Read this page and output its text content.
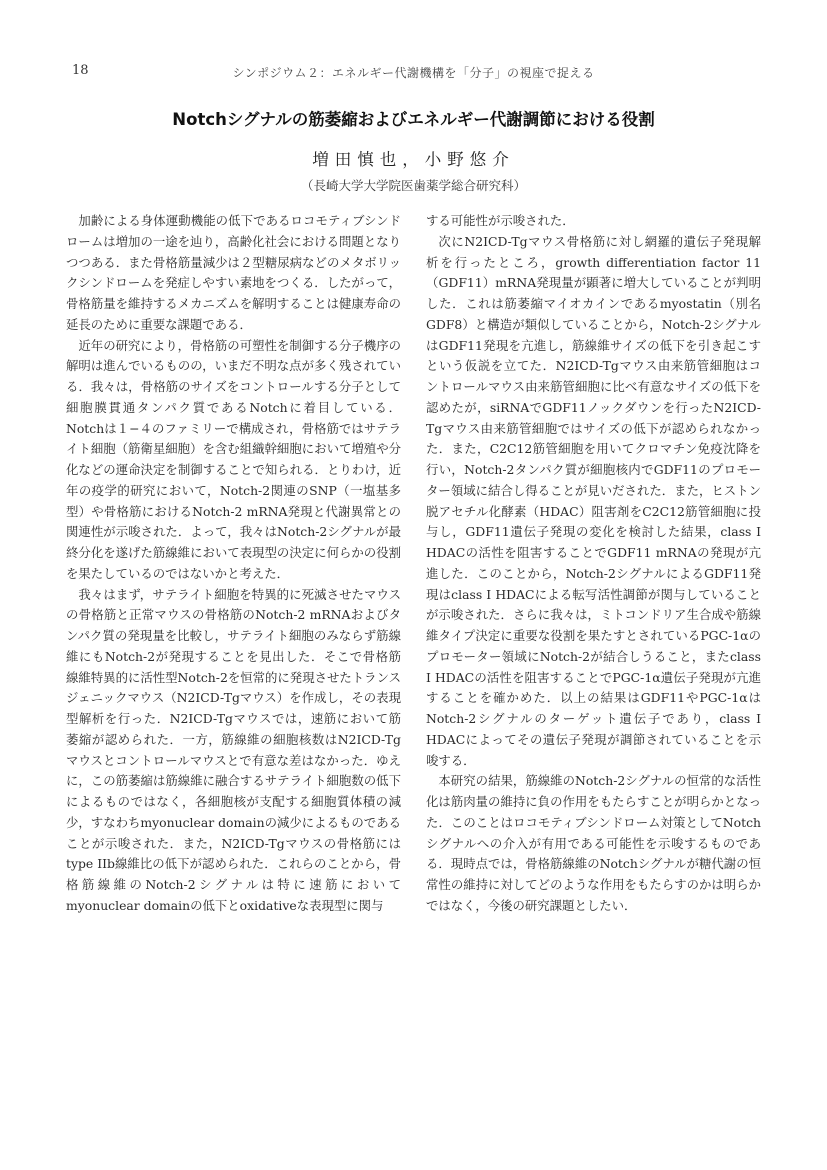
18	シンポジウム２：エネルギー代謝機構を「分子」の視座で捉える
Notchシグナルの筋萎縮およびエネルギー代謝調節における役割
増田慎也，小野悠介
（長崎大学大学院医歯薬学総合研究科）

加齢による身体運動機能の低下であるロコモティブシンドロームは増加の一途を辿り，高齢化社会における問題となりつつある．また骨格筋量減少は２型糖尿病などのメタボリックシンドロームを発症しやすい素地をつくる．したがって，骨格筋量を維持するメカニズムを解明することは健康寿命の延長のために重要な課題である．

近年の研究により，骨格筋の可塑性を制御する分子機序の解明は進んでいるものの，いまだ不明な点が多く残されている．我々は，骨格筋のサイズをコントロールする分子として細胞膜貫通タンパク質であるNotchに着目している．Notchは１−４のファミリーで構成され，骨格筋ではサテライト細胞（筋衛星細胞）を含む組織幹細胞において増殖や分化などの運命決定を制御することで知られる．とりわけ，近年の疫学的研究において，Notch-2関連のSNP（一塩基多型）や骨格筋におけるNotch-2 mRNA発現と代謝異常との関連性が示唆された．よって，我々はNotch-2シグナルが最終分化を遂げた筋線維において表現型の決定に何らかの役割を果たしているのではないかと考えた．

我々はまず，サテライト細胞を特異的に死滅させたマウスの骨格筋と正常マウスの骨格筋のNotch-2 mRNAおよびタンパク質の発現量を比較し，サテライト細胞のみならず筋線維にもNotch-2が発現することを見出した．そこで骨格筋線維特異的に活性型Notch-2を恒常的に発現させたトランスジェニックマウス（N2ICD-Tgマウス）を作成し，その表現型解析を行った．N2ICD-Tgマウスでは，速筋において筋萎縮が認められた．一方，筋線維の細胞核数はN2ICD-Tgマウスとコントロールマウスとで有意な差はなかった．ゆえに，この筋萎縮は筋線維に融合するサテライト細胞数の低下によるものではなく，各細胞核が支配する細胞質体積の減少，すなわちmyonuclear domainの減少によるものであることが示唆された．また，N2ICD-Tgマウスの骨格筋にはtype IIb線維比の低下が認められた．これらのことから，骨格筋線維のNotch-2シグナルは特に速筋においてmyonuclear domainの低下とoxidativeな表現型に関与

する可能性が示唆された．

次にN2ICD-Tgマウス骨格筋に対し網羅的遺伝子発現解析を行ったところ，growth differentiation factor 11（GDF11）mRNA発現量が顕著に増大していることが判明した．これは筋萎縮マイオカインであるmyostatin（別名GDF8）と構造が類似していることから，Notch-2シグナルはGDF11発現を亢進し，筋線維サイズの低下を引き起こすという仮説を立てた．N2ICD-Tgマウス由来筋管細胞はコントロールマウス由来筋管細胞に比べ有意なサイズの低下を認めたが，siRNAでGDF11ノックダウンを行ったN2ICD-Tgマウス由来筋管細胞ではサイズの低下が認められなかった．また，C2C12筋管細胞を用いてクロマチン免疫沈降を行い，Notch-2タンパク質が細胞核内でGDF11のプロモーター領域に結合し得ることが見いだされた．また，ヒストン脱アセチル化酵素（HDAC）阻害剤をC2C12筋管細胞に投与し，GDF11遺伝子発現の変化を検討した結果，class I HDACの活性を阻害することでGDF11 mRNAの発現が亢進した．このことから，Notch-2シグナルによるGDF11発現はclass I HDACによる転写活性調節が関与していることが示唆された．さらに我々は，ミトコンドリア生合成や筋線維タイプ決定に重要な役割を果たすとされているPGC-1αのプロモーター領域にNotch-2が結合しうること，またclass I HDACの活性を阻害することでPGC-1α遺伝子発現が亢進することを確かめた．以上の結果はGDF11やPGC-1αはNotch-2シグナルのターゲット遺伝子であり，class I HDACによってその遺伝子発現が調節されていることを示唆する．

本研究の結果，筋線維のNotch-2シグナルの恒常的な活性化は筋肉量の維持に負の作用をもたらすことが明らかとなった．このことはロコモティブシンドローム対策としてNotchシグナルへの介入が有用である可能性を示唆するものである．現時点では，骨格筋線維のNotchシグナルが糖代謝の恒常性の維持に対してどのような作用をもたらすのかは明らかではなく，今後の研究課題としたい．
